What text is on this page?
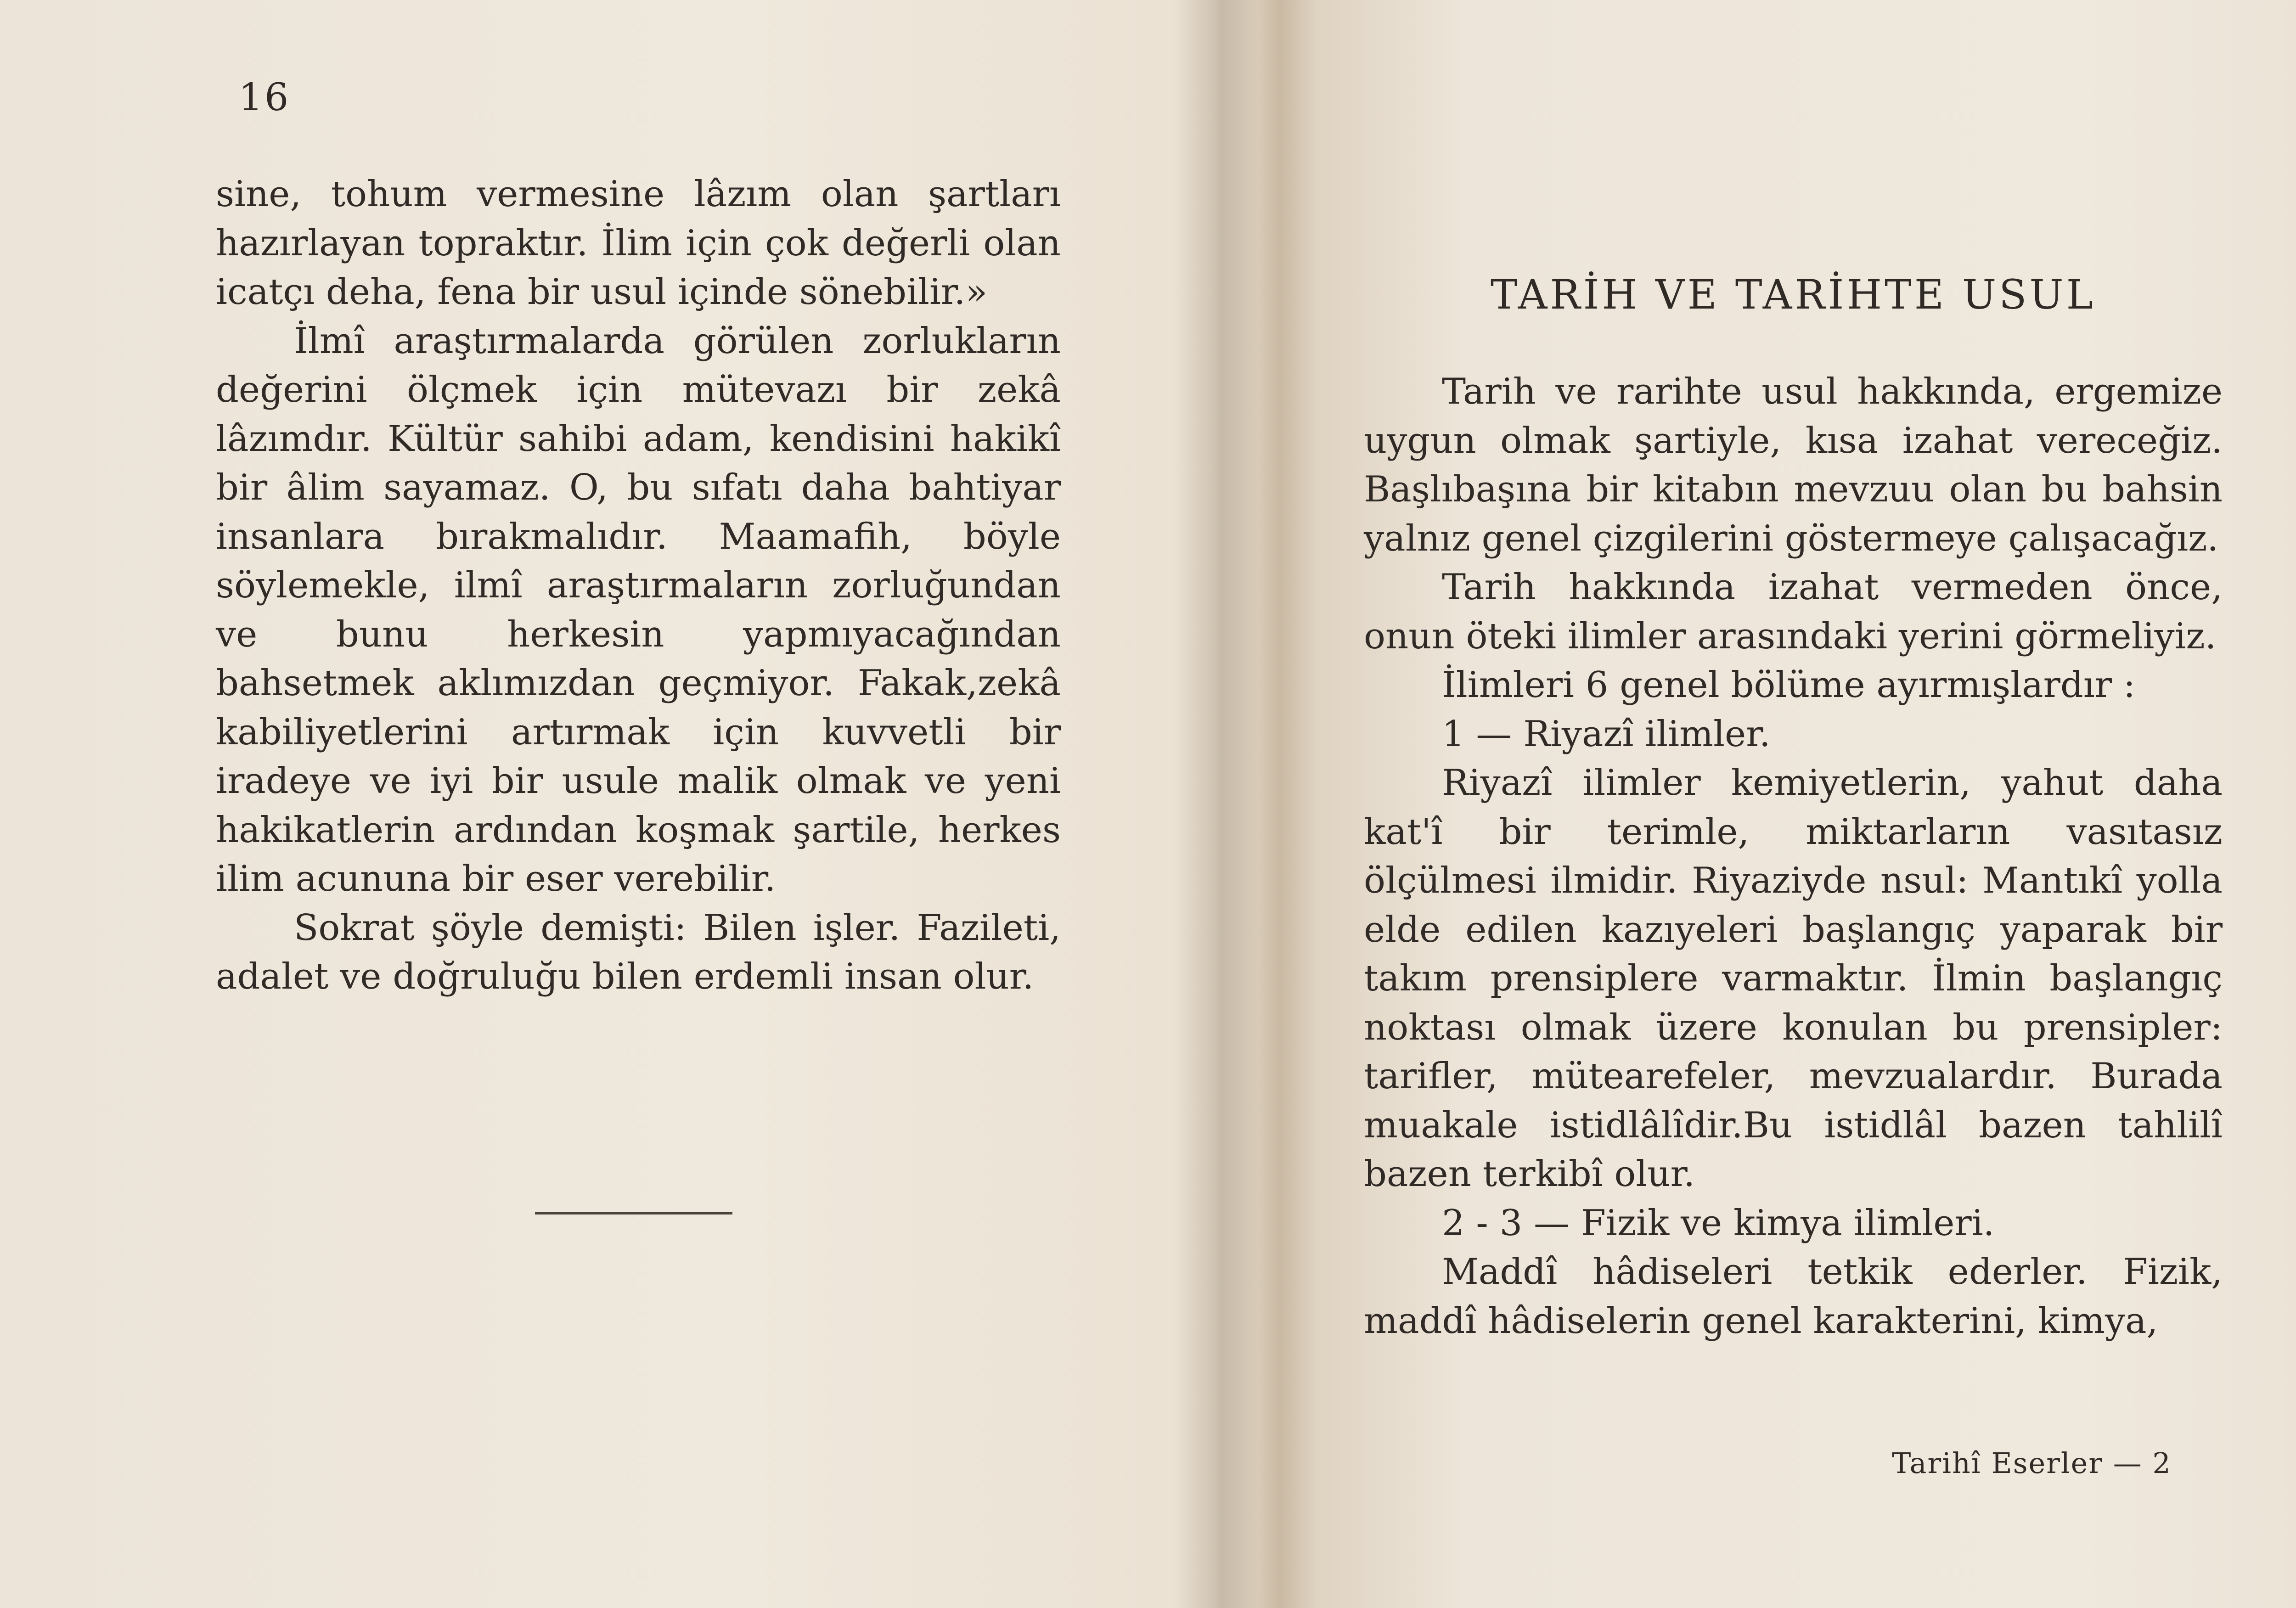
16

sine, tohum vermesine lâzım olan şartları hazırlayan topraktır. İlim için çok değerli olan icatçı deha, fena bir usul içinde sönebilir.»

İlmî araştırmalarda görülen zorlukların değerini ölçmek için mütevazı bir zekâ lâzımdır. Kültür sahibi adam, kendisini hakikî bir âlim sayamaz. O, bu sıfatı daha bahtiyar insanlara bırakmalıdır. Maamafih, böyle söylemekle, ilmî araştırmaların zorluğundan ve bunu herkesin yapmıyacağından bahsetmek aklımızdan geçmiyor. Fakak,zekâ kabiliyetlerini artırmak için kuvvetli bir iradeye ve iyi bir usule malik olmak ve yeni hakikatlerin ardından koşmak şartile, herkes ilim acununa bir eser verebilir.

Sokrat şöyle demişti: Bilen işler. Fazileti, adalet ve doğruluğu bilen erdemli insan olur.

TARİH VE TARİHTE USUL

Tarih ve rarihte usul hakkında, ergemize uygun olmak şartiyle, kısa izahat vereceğiz. Başlıbaşına bir kitabın mevzuu olan bu bahsin yalnız genel çizgilerini göstermeye çalışacağız.

Tarih hakkında izahat vermeden önce, onun öteki ilimler arasındaki yerini görmeliyiz.

İlimleri 6 genel bölüme ayırmışlardır :

1 — Riyazî ilimler.

Riyazî ilimler kemiyetlerin, yahut daha kat'î bir terimle, miktarların vasıtasız ölçülmesi ilmidir. Riyaziyde nsul: Mantıkî yolla elde edilen kazıyeleri başlangıç yaparak bir takım prensiplere varmaktır. İlmin başlangıç noktası olmak üzere konulan bu prensipler: tarifler, mütearefeler, mevzualardır. Burada muakale istidlâlîdir.Bu istidlâl bazen tahlilî bazen terkibî olur.

2 - 3 — Fizik ve kimya ilimleri.

Maddî hâdiseleri tetkik ederler. Fizik, maddî hâdiselerin genel karakterini, kimya,

Tarihî Eserler — 2
